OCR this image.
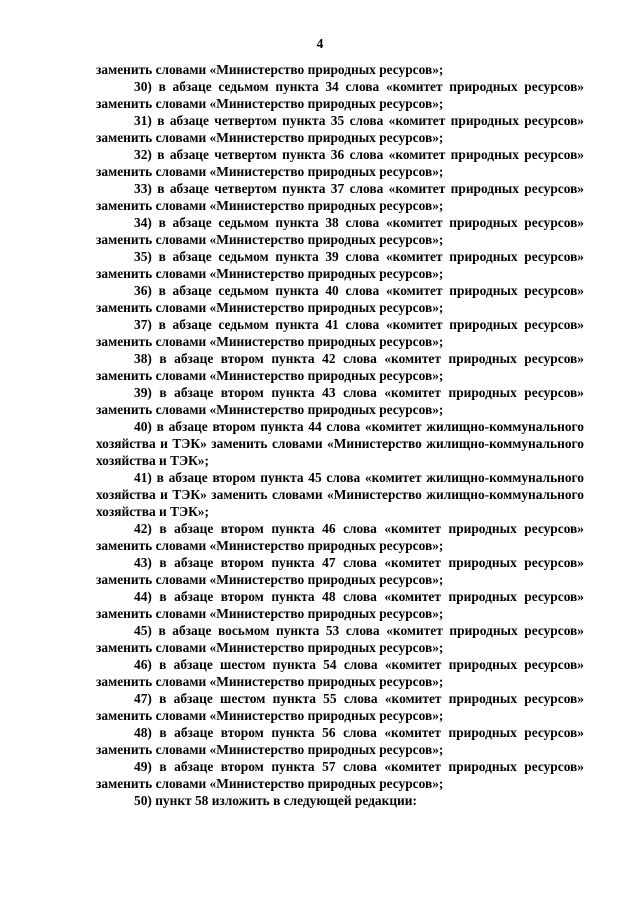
4

заменить словами «Министерство природных ресурсов»;

30) в абзаце седьмом пункта 34 слова «комитет природных ресурсов» заменить словами «Министерство природных ресурсов»;

31) в абзаце четвертом пункта 35 слова «комитет природных ресурсов» заменить словами «Министерство природных ресурсов»;

32) в абзаце четвертом пункта 36 слова «комитет природных ресурсов» заменить словами «Министерство природных ресурсов»;

33) в абзаце четвертом пункта 37 слова «комитет природных ресурсов» заменить словами «Министерство природных ресурсов»;

34) в абзаце седьмом пункта 38 слова «комитет природных ресурсов» заменить словами «Министерство природных ресурсов»;

35) в абзаце седьмом пункта 39 слова «комитет природных ресурсов» заменить словами «Министерство природных ресурсов»;

36) в абзаце седьмом пункта 40 слова «комитет природных ресурсов» заменить словами «Министерство природных ресурсов»;

37) в абзаце седьмом пункта 41 слова «комитет природных ресурсов» заменить словами «Министерство природных ресурсов»;

38) в абзаце втором пункта 42 слова «комитет природных ресурсов» заменить словами «Министерство природных ресурсов»;

39) в абзаце втором пункта 43 слова «комитет природных ресурсов» заменить словами «Министерство природных ресурсов»;

40) в абзаце втором пункта 44 слова «комитет жилищно-коммунального хозяйства и ТЭК» заменить словами «Министерство жилищно-коммунального хозяйства и ТЭК»;

41) в абзаце втором пункта 45 слова «комитет жилищно-коммунального хозяйства и ТЭК» заменить словами «Министерство жилищно-коммунального хозяйства и ТЭК»;

42) в абзаце втором пункта 46 слова «комитет природных ресурсов» заменить словами «Министерство природных ресурсов»;

43) в абзаце втором пункта 47 слова «комитет природных ресурсов» заменить словами «Министерство природных ресурсов»;

44) в абзаце втором пункта 48 слова «комитет природных ресурсов» заменить словами «Министерство природных ресурсов»;

45) в абзаце восьмом пункта 53 слова «комитет природных ресурсов» заменить словами «Министерство природных ресурсов»;

46) в абзаце шестом пункта 54 слова «комитет природных ресурсов» заменить словами «Министерство природных ресурсов»;

47) в абзаце шестом пункта 55 слова «комитет природных ресурсов» заменить словами «Министерство природных ресурсов»;

48) в абзаце втором пункта 56 слова «комитет природных ресурсов» заменить словами «Министерство природных ресурсов»;

49) в абзаце втором пункта 57 слова «комитет природных ресурсов» заменить словами «Министерство природных ресурсов»;

50) пункт 58 изложить в следующей редакции:
